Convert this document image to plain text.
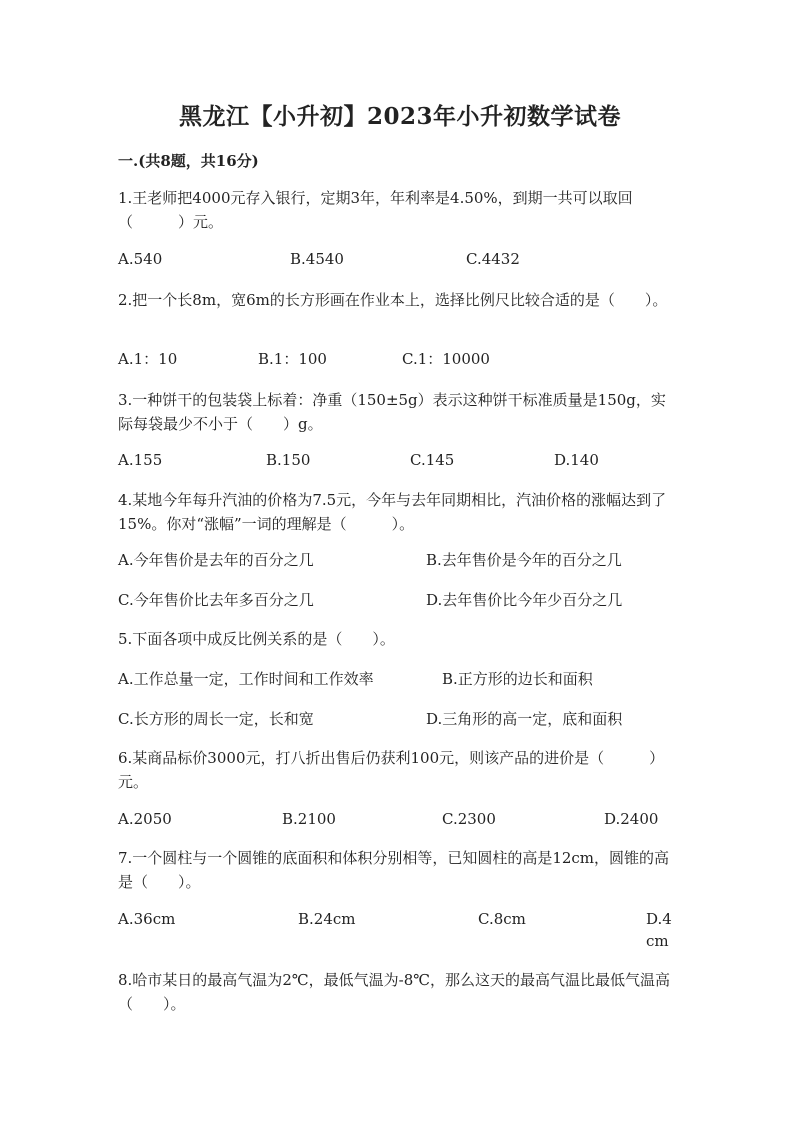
黑龙江【小升初】2023年小升初数学试卷
一.(共8题，共16分)
1.王老师把4000元存入银行，定期3年，年利率是4.50%，到期一共可以取回（　　　）元。
A.540	B.4540	C.4432
2.把一个长8m，宽6m的长方形画在作业本上，选择比例尺比较合适的是（　　）。
A.1：10	B.1：100	C.1：10000
3.一种饼干的包装袋上标着：净重（150±5g）表示这种饼干标准质量是150g，实际每袋最少不小于（　　）g。
A.155	B.150	C.145	D.140
4.某地今年每升汽油的价格为7.5元，今年与去年同期相比，汽油价格的涨幅达到了15%。你对“涨幅”一词的理解是（　　　）。
A.今年售价是去年的百分之几	B.去年售价是今年的百分之几
C.今年售价比去年多百分之几	D.去年售价比今年少百分之几
5.下面各项中成反比例关系的是（　　）。
A.工作总量一定，工作时间和工作效率	B.正方形的边长和面积
C.长方形的周长一定，长和宽	D.三角形的高一定，底和面积
6.某商品标价3000元，打八折出售后仍获利100元，则该产品的进价是（　　　）元。
A.2050	B.2100	C.2300	D.2400
7.一个圆柱与一个圆锥的底面积和体积分别相等，已知圆柱的高是12cm，圆锥的高是（　　）。
A.36cm	B.24cm	C.8cm	D.4cm
8.哈市某日的最高气温为2℃，最低气温为-8℃，那么这天的最高气温比最低气温高（　　）。
